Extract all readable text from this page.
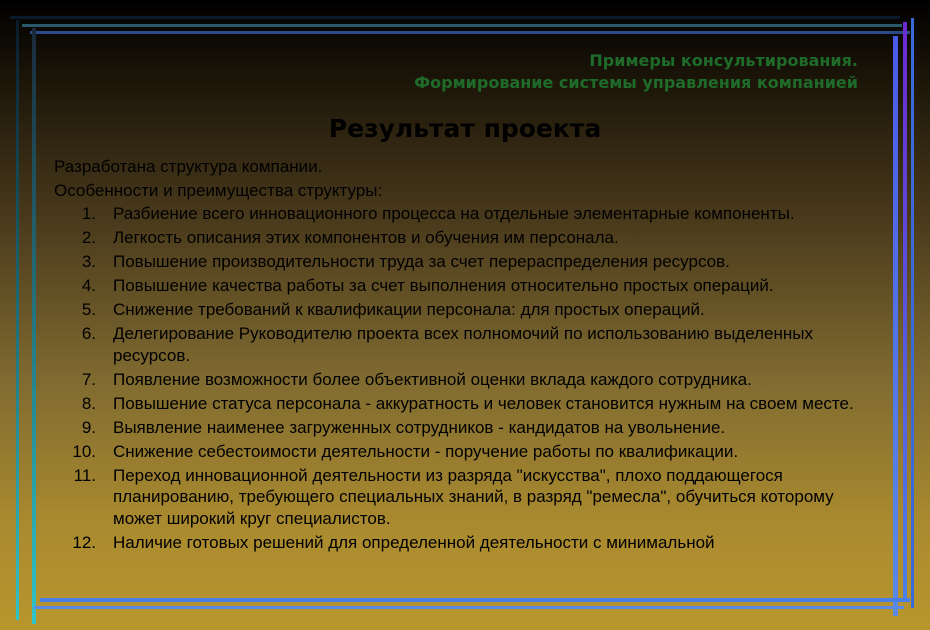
Примеры консультирования.
Формирование системы управления компанией
Результат проекта

Разработана структура компании.

Особенности и преимущества структуры:

1. Разбиение всего инновационного процесса на отдельные элементарные компоненты.
2. Легкость описания этих компонентов и обучения им персонала.
3. Повышение производительности труда за счет перераспределения ресурсов.
4. Повышение качества работы за счет выполнения относительно простых операций.
5. Снижение требований к квалификации персонала: для простых операций.
6. Делегирование Руководителю проекта всех полномочий по использованию выделенных ресурсов.
7. Появление возможности более объективной оценки вклада каждого сотрудника.
8. Повышение статуса персонала - аккуратность и человек становится нужным на своем месте.
9. Выявление наименее загруженных сотрудников - кандидатов на увольнение.
10. Снижение себестоимости деятельности - поручение работы по квалификации.
11. Переход инновационной деятельности из разряда "искусства", плохо поддающегося планированию, требующего специальных знаний, в разряд "ремесла", обучиться которому может широкий круг специалистов.
12. Наличие готовых решений для определенной деятельности с минимальной
